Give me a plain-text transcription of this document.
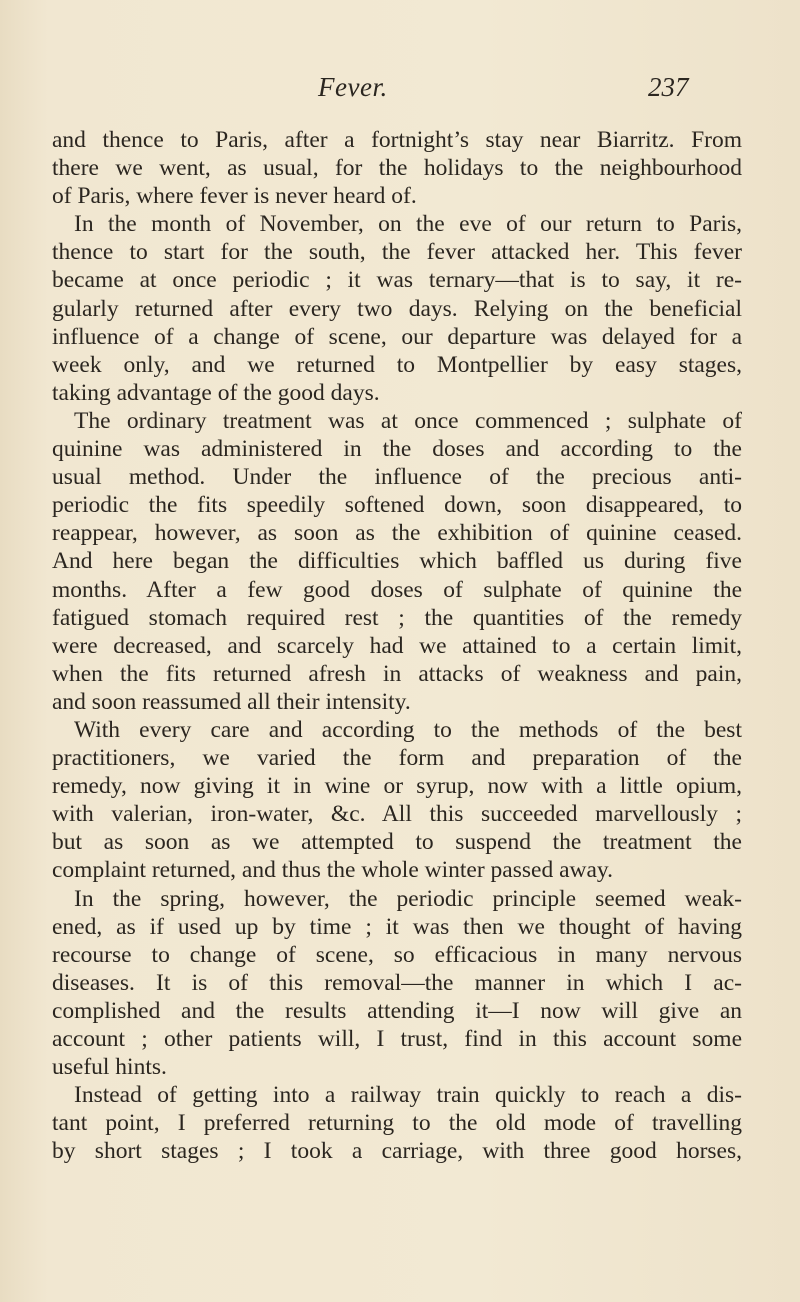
Fever.	237
and thence to Paris, after a fortnight’s stay near Biarritz. From
there we went, as usual, for the holidays to the neighbourhood
of Paris, where fever is never heard of.
In the month of November, on the eve of our return to Paris,
thence to start for the south, the fever attacked her. This fever
became at once periodic ; it was ternary—that is to say, it re-
gularly returned after every two days. Relying on the beneficial
influence of a change of scene, our departure was delayed for a
week only, and we returned to Montpellier by easy stages,
taking advantage of the good days.
The ordinary treatment was at once commenced ; sulphate of
quinine was administered in the doses and according to the
usual method. Under the influence of the precious anti-
periodic the fits speedily softened down, soon disappeared, to
reappear, however, as soon as the exhibition of quinine ceased.
And here began the difficulties which baffled us during five
months. After a few good doses of sulphate of quinine the
fatigued stomach required rest ; the quantities of the remedy
were decreased, and scarcely had we attained to a certain limit,
when the fits returned afresh in attacks of weakness and pain,
and soon reassumed all their intensity.
With every care and according to the methods of the best
practitioners, we varied the form and preparation of the
remedy, now giving it in wine or syrup, now with a little opium,
with valerian, iron-water, &c. All this succeeded marvellously ;
but as soon as we attempted to suspend the treatment the
complaint returned, and thus the whole winter passed away.
In the spring, however, the periodic principle seemed weak-
ened, as if used up by time ; it was then we thought of having
recourse to change of scene, so efficacious in many nervous
diseases. It is of this removal—the manner in which I ac-
complished and the results attending it—I now will give an
account ; other patients will, I trust, find in this account some
useful hints.
Instead of getting into a railway train quickly to reach a dis-
tant point, I preferred returning to the old mode of travelling
by short stages ; I took a carriage, with three good horses,
